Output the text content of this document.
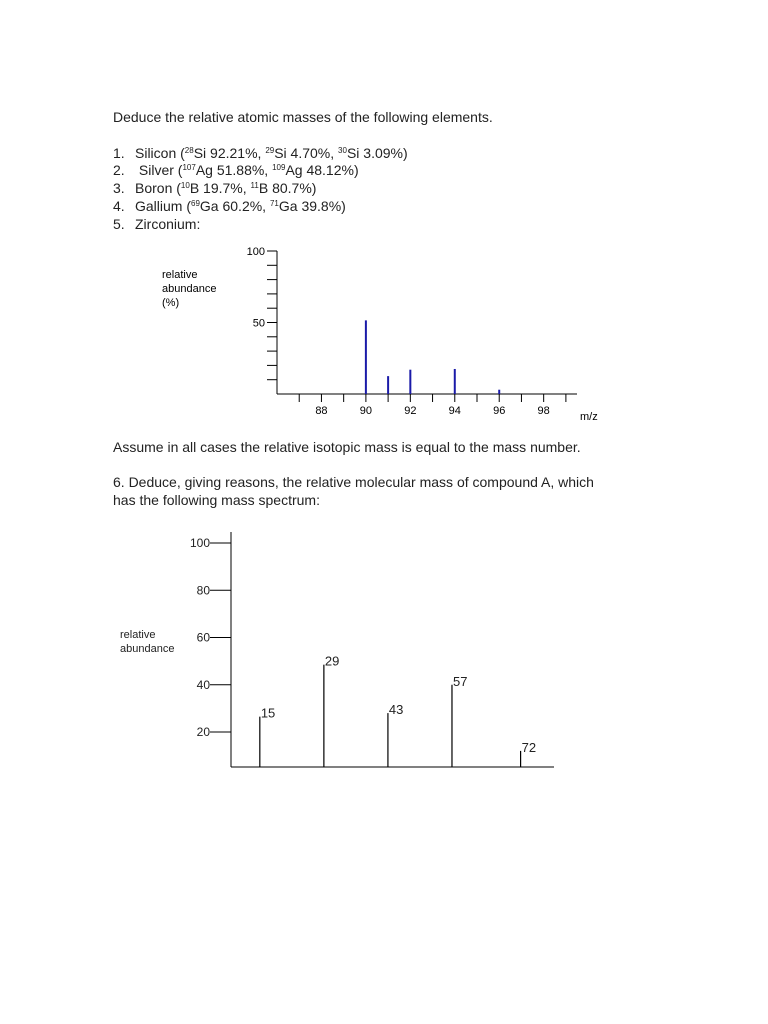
Deduce the relative atomic masses of the following elements.
1. Silicon ($^{28}$Si 92.21%, $^{29}$Si 4.70%, $^{30}$Si 3.09%)
2. Silver ($^{107}$Ag 51.88%, $^{109}$Ag 48.12%)
3. Boron ($^{10}$B 19.7%, $^{11}$B 80.7%)
4. Gallium ($^{69}$Ga 60.2%, $^{71}$Ga 39.8%)
5. Zirconium:
100
50
88	90	92	94	96	98	m/z
relative
abundance
(%)
Assume in all cases the relative isotopic mass is equal to the mass number.
6. Deduce, giving reasons, the relative molecular mass of compound A, which
has the following mass spectrum:
100
80
60
40
20
relative
abundance
15
29
43
57
72
